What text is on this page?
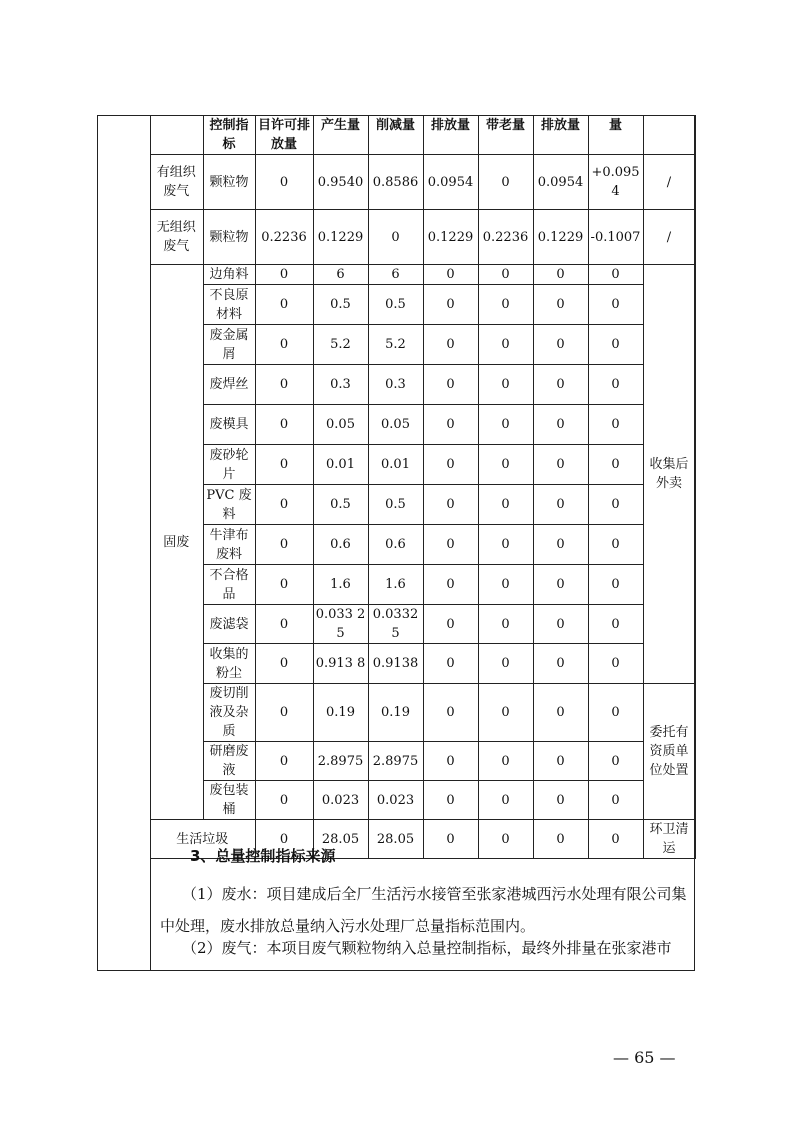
	控制指标	目许可排放量	产生量	削减量	排放量	带老量	排放量	量	
有组织废气	颗粒物	0	0.9540	0.8586	0.0954	0	0.0954	+0.0954	/
无组织废气	颗粒物	0.2236	0.1229	0	0.1229	0.2236	0.1229	-0.1007	/
固废	边角料	0	6	6	0	0	0	0	收集后外卖
	不良原材料	0	0.5	0.5	0	0	0	0	
	废金属屑	0	5.2	5.2	0	0	0	0	
	废焊丝	0	0.3	0.3	0	0	0	0	
	废模具	0	0.05	0.05	0	0	0	0	
	废砂轮片	0	0.01	0.01	0	0	0	0	
	PVC 废料	0	0.5	0.5	0	0	0	0	
	牛津布废料	0	0.6	0.6	0	0	0	0	
	不合格品	0	1.6	1.6	0	0	0	0	
	废滤袋	0	0.033 25	0.0332 5	0	0	0	0	
	收集的粉尘	0	0.913 8	0.9138	0	0	0	0	
	废切削液及杂质	0	0.19	0.19	0	0	0	0	委托有资质单位处置
	研磨废液	0	2.8975	2.8975	0	0	0	0	
	废包装桶	0	0.023	0.023	0	0	0	0	
生活垃圾		0	28.05	28.05	0	0	0	0	环卫清运
3、总量控制指标来源
（1）废水：项目建成后全厂生活污水接管至张家港城西污水处理有限公司集中处理，废水排放总量纳入污水处理厂总量指标范围内。
（2）废气：本项目废气颗粒物纳入总量控制指标，最终外排量在张家港市
— 65 —
